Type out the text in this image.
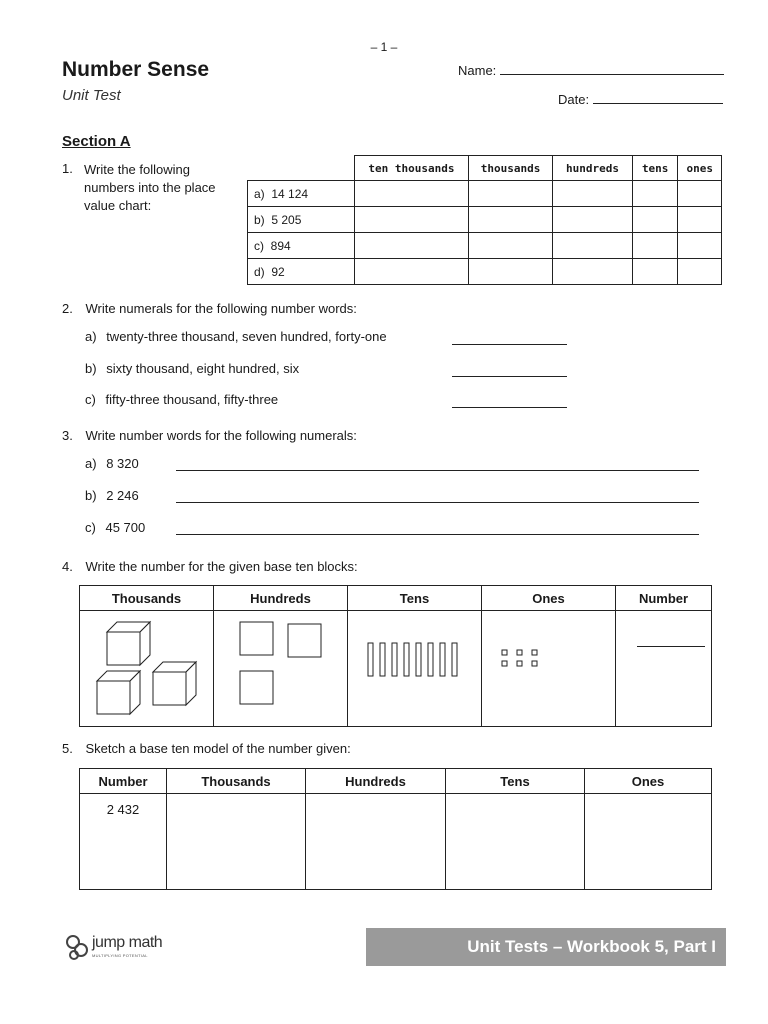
– 1 –
Number Sense
Unit Test
Name:
Date:
Section A
1. Write the following numbers into the place value chart:
	ten thousands	thousands	hundreds	tens	ones
a) 14 124					
b) 5 205					
c) 894					
d) 92					
2. Write numerals for the following number words:
a) twenty-three thousand, seven hundred, forty-one
b) sixty thousand, eight hundred, six
c) fifty-three thousand, fifty-three
3. Write number words for the following numerals:
a) 8 320
b) 2 246
c) 45 700
4. Write the number for the given base ten blocks:
Thousands	Hundreds	Tens	Ones	Number

5. Sketch a base ten model of the number given:
Number	Thousands	Hundreds	Tens	Ones
2 432				
jump math
MULTIPLYING POTENTIAL	Unit Tests – Workbook 5, Part I
